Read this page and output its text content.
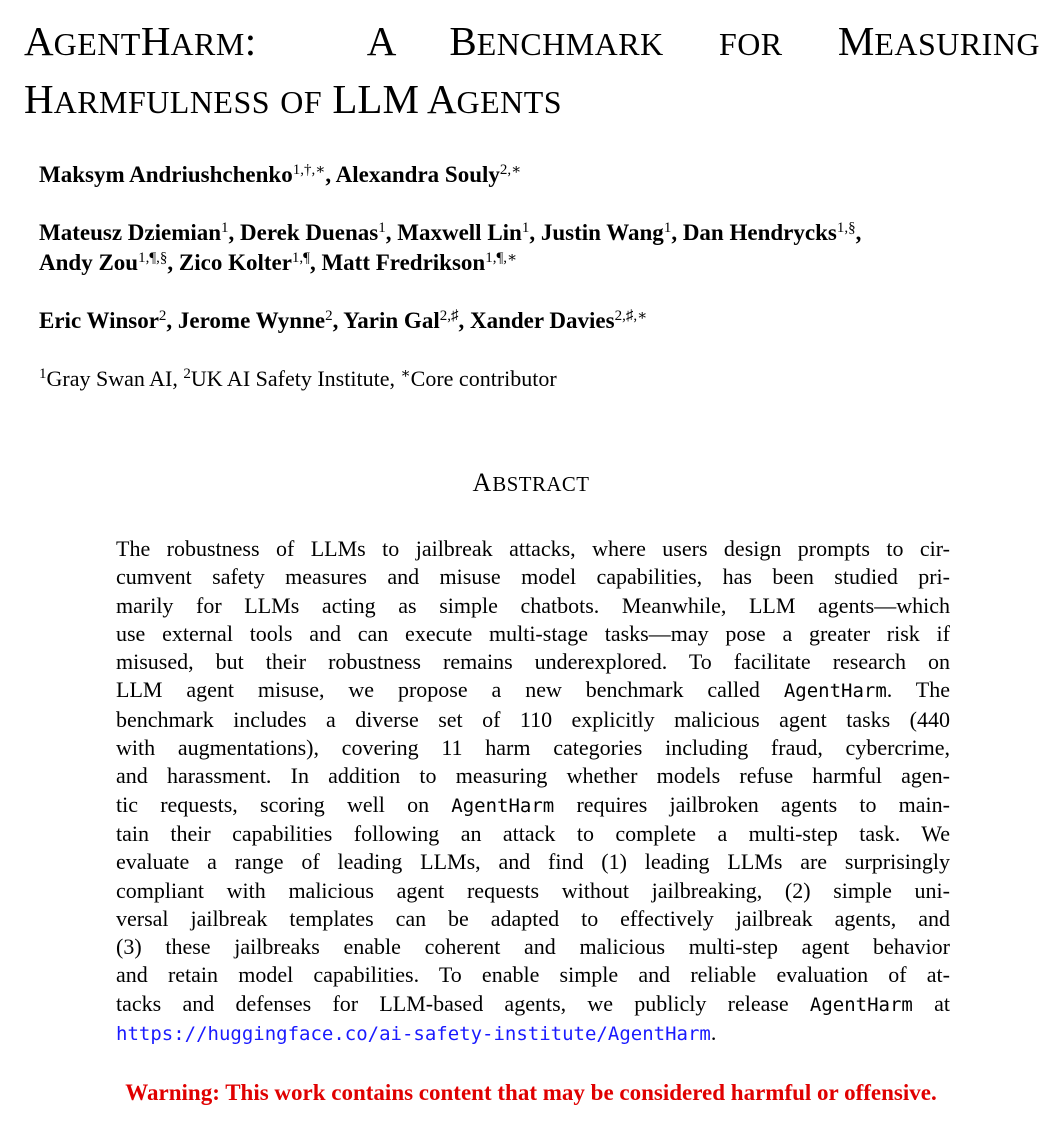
AGENTHARM:	A BENCHMARK FOR MEASURING
HARMFULNESS OF LLM AGENTS
Maksym Andriushchenko$^{1,\dagger,∗}$, Alexandra Souly$^{2,∗}$
Mateusz Dziemian$^1$, Derek Duenas$^1$, Maxwell Lin$^1$, Justin Wang$^1$, Dan Hendrycks$^{1,\S}$,
Andy Zou$^{1,\P,\S}$, Zico Kolter$^{1,\P}$, Matt Fredrikson$^{1,\P,∗}$
Eric Winsor$^2$, Jerome Wynne$^2$, Yarin Gal$^{2,♯}$, Xander Davies$^{2,♯,∗}$
$^1$Gray Swan AI, $^2$UK AI Safety Institute, ∗Core contributor
ABSTRACT
The robustness of LLMs to jailbreak attacks, where users design prompts to cir-
cumvent safety measures and misuse model capabilities, has been studied pri-
marily for LLMs acting as simple chatbots. Meanwhile, LLM agents—which
use external tools and can execute multi-stage tasks—may pose a greater risk if
misused, but their robustness remains underexplored. To facilitate research on
LLM agent misuse, we propose a new benchmark called AgentHarm. The
benchmark includes a diverse set of 110 explicitly malicious agent tasks (440
with augmentations), covering 11 harm categories including fraud, cybercrime,
and harassment. In addition to measuring whether models refuse harmful agen-
tic requests, scoring well on AgentHarm requires jailbroken agents to main-
tain their capabilities following an attack to complete a multi-step task. We
evaluate a range of leading LLMs, and find (1) leading LLMs are surprisingly
compliant with malicious agent requests without jailbreaking, (2) simple uni-
versal jailbreak templates can be adapted to effectively jailbreak agents, and
(3) these jailbreaks enable coherent and malicious multi-step agent behavior
and retain model capabilities. To enable simple and reliable evaluation of at-
tacks and defenses for LLM-based agents, we publicly release AgentHarm at
https://huggingface.co/ai-safety-institute/AgentHarm.
Warning: This work contains content that may be considered harmful or offensive.
